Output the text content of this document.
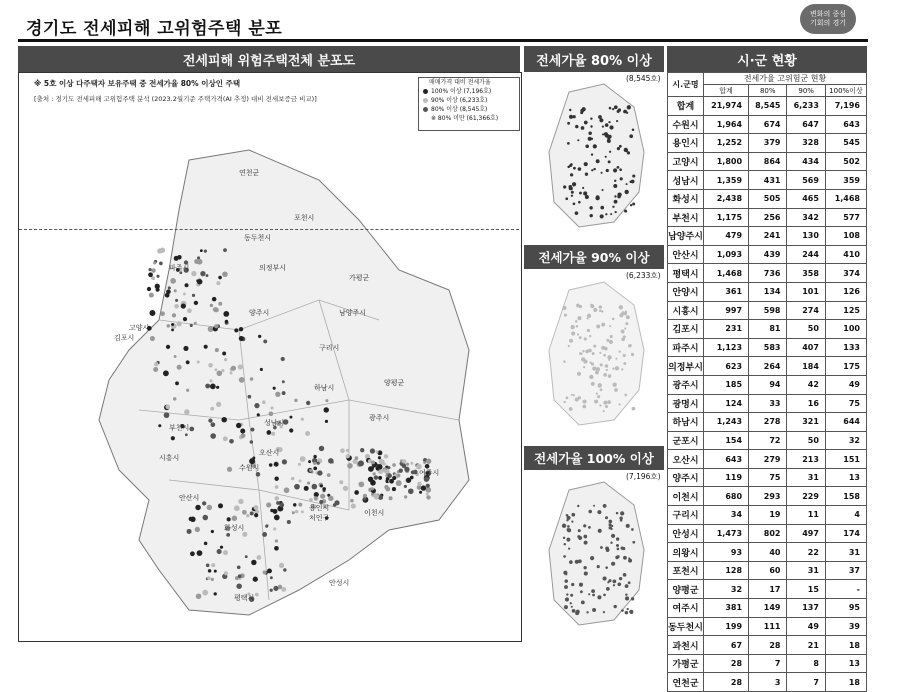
경기도 전세피해 고위험주택 분포
변화의 중심 기회의 경기
전세피해 위험주택전체 분포도	전세가율 80% 이상	시·군 현황
※ 5호 이상 다주택자 보유주택 중 전세가율 80% 이상인 주택
[출처 : 경기도 전세피해 고위험주택 분석 (2023.2월기준 주택가격(AI 추정) 대비 전세보증금 비교)]
매매가격 대비 전세가율
100% 이상 (7,196호)
90% 이상 (6,233호)
80% 이상 (8,545호)
※ 80% 미만 (61,366호)
연천군
포천시
가평군
동두천시
양주시
파주시
고양시
김포시
의정부시
남양주시
구리시
하남시
양평군
광주시
성남시
용인시
처인구
이천시
여주시
화성시
평택시
안성시
수원시
오산시
부천시
시흥시
안산시
(8,545호)
전세가율 90% 이상
(6,233호)
전세가율 100% 이상
(7,196호)
시.군명	전세가율 고위험군 현황			
	합계	80%	90%	100%이상
합계	21,974	8,545	6,233	7,196
수원시	1,964	674	647	643
용인시	1,252	379	328	545
고양시	1,800	864	434	502
성남시	1,359	431	569	359
화성시	2,438	505	465	1,468
부천시	1,175	256	342	577
남양주시	479	241	130	108
안산시	1,093	439	244	410
평택시	1,468	736	358	374
안양시	361	134	101	126
시흥시	997	598	274	125
김포시	231	81	50	100
파주시	1,123	583	407	133
의정부시	623	264	184	175
광주시	185	94	42	49
광명시	124	33	16	75
하남시	1,243	278	321	644
군포시	154	72	50	32
오산시	643	279	213	151
양주시	119	75	31	13
이천시	680	293	229	158
구리시	34	19	11	4
안성시	1,473	802	497	174
의왕시	93	40	22	31
포천시	128	60	31	37
양평군	32	17	15	-
여주시	381	149	137	95
동두천시	199	111	49	39
과천시	67	28	21	18
가평군	28	7	8	13
연천군	28	3	7	18
